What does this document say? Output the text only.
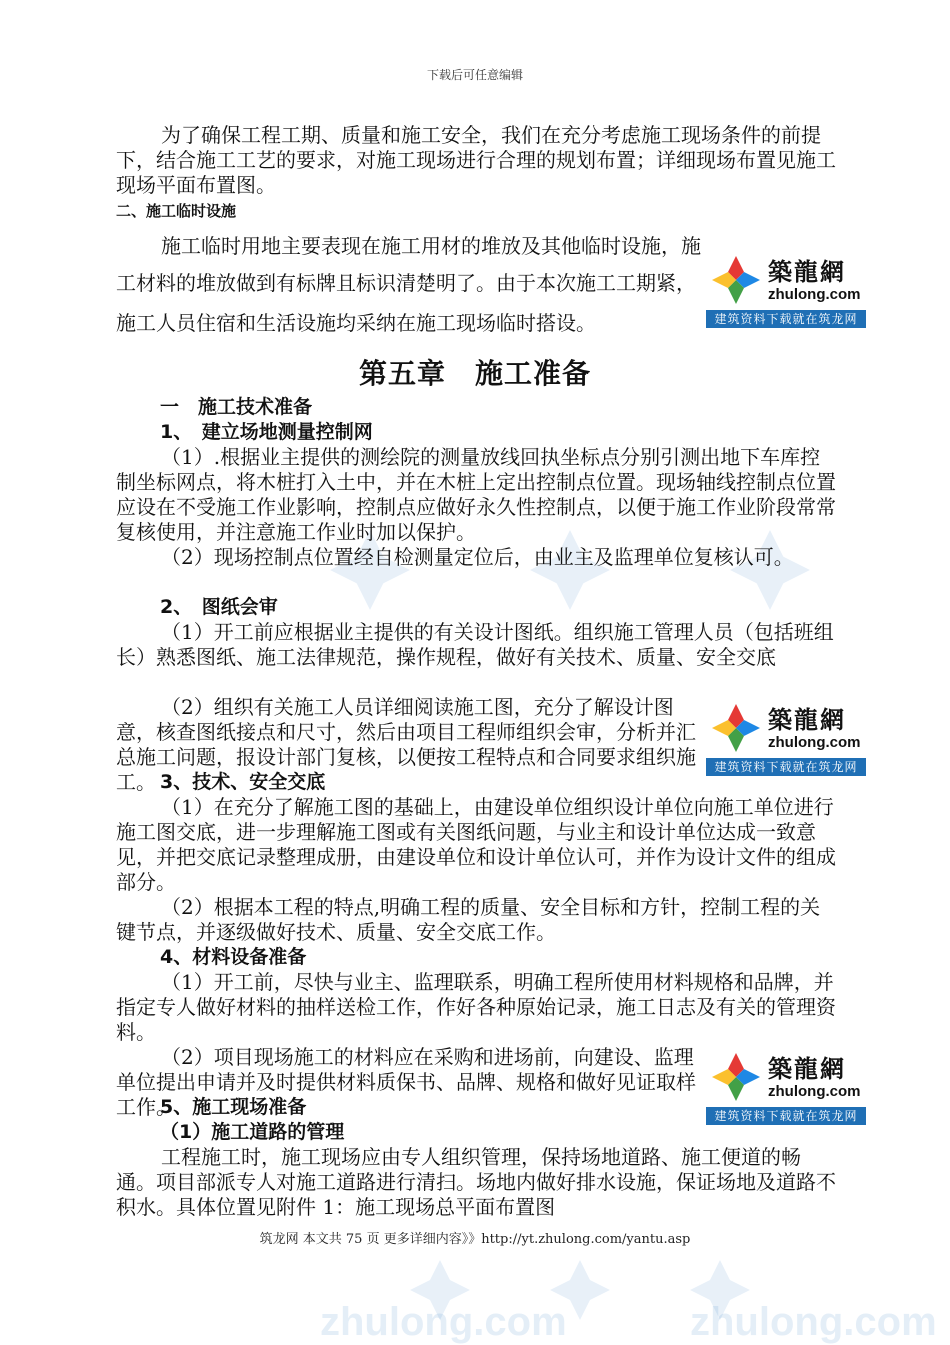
zhulong.com	zhulong.com
下载后可任意编辑

为了确保工程工期、质量和施工安全，我们在充分考虑施工现场条件的前提下，结合施工工艺的要求，对施工现场进行合理的规划布置；详细现场布置见施工现场平面布置图。

二、施工临时设施

施工临时用地主要表现在施工用材的堆放及其他临时设施，施工材料的堆放做到有标牌且标识清楚明了。由于本次施工工期紧，

施工人员住宿和生活设施均采纳在施工现场临时搭设。

第五章　施工准备
一　施工技术准备
1、　建立场地测量控制网

（1）.根据业主提供的测绘院的测量放线回执坐标点分别引测出地下车库控制坐标网点，将木桩打入土中，并在木桩上定出控制点位置。现场轴线控制点位置应设在不受施工作业影响，控制点应做好永久性控制点，以便于施工作业阶段常常复核使用，并注意施工作业时加以保护。

（2）现场控制点位置经自检测量定位后，由业主及监理单位复核认可。

2、　图纸会审

（1）开工前应根据业主提供的有关设计图纸。组织施工管理人员（包括班组长）熟悉图纸、施工法律规范，操作规程，做好有关技术、质量、安全交底

（2）组织有关施工人员详细阅读施工图，充分了解设计图意，核查图纸接点和尺寸，然后由项目工程师组织会审，分析并汇总施工问题，报设计部门复核，以便按工程特点和合同要求组织施工。 3、技术、安全交底

（1）在充分了解施工图的基础上，由建设单位组织设计单位向施工单位进行施工图交底，进一步理解施工图或有关图纸问题，与业主和设计单位达成一致意见，并把交底记录整理成册，由建设单位和设计单位认可，并作为设计文件的组成部分。

（2）根据本工程的特点,明确工程的质量、安全目标和方针，控制工程的关键节点，并逐级做好技术、质量、安全交底工作。

4、材料设备准备

（1）开工前，尽快与业主、监理联系，明确工程所使用材料规格和品牌，并指定专人做好材料的抽样送检工作，作好各种原始记录，施工日志及有关的管理资料。

（2）项目现场施工的材料应在采购和进场前，向建设、监理单位提出申请并及时提供材料质保书、品牌、规格和做好见证取样工作。

5、施工现场准备
（1）施工道路的管理

工程施工时，施工现场应由专人组织管理，保持场地道路、施工便道的畅通。项目部派专人对施工道路进行清扫。场地内做好排水设施，保证场地及道路不积水。具体位置见附件 1：施工现场总平面布置图

筑龙网 本文共 75 页 更多详细内容》》http://yt.zhulong.com/yantu.asp
築龍網
zhulong.com
建筑资料下载就在筑龙网
築龍網
zhulong.com
建筑资料下载就在筑龙网
築龍網
zhulong.com
建筑资料下载就在筑龙网
